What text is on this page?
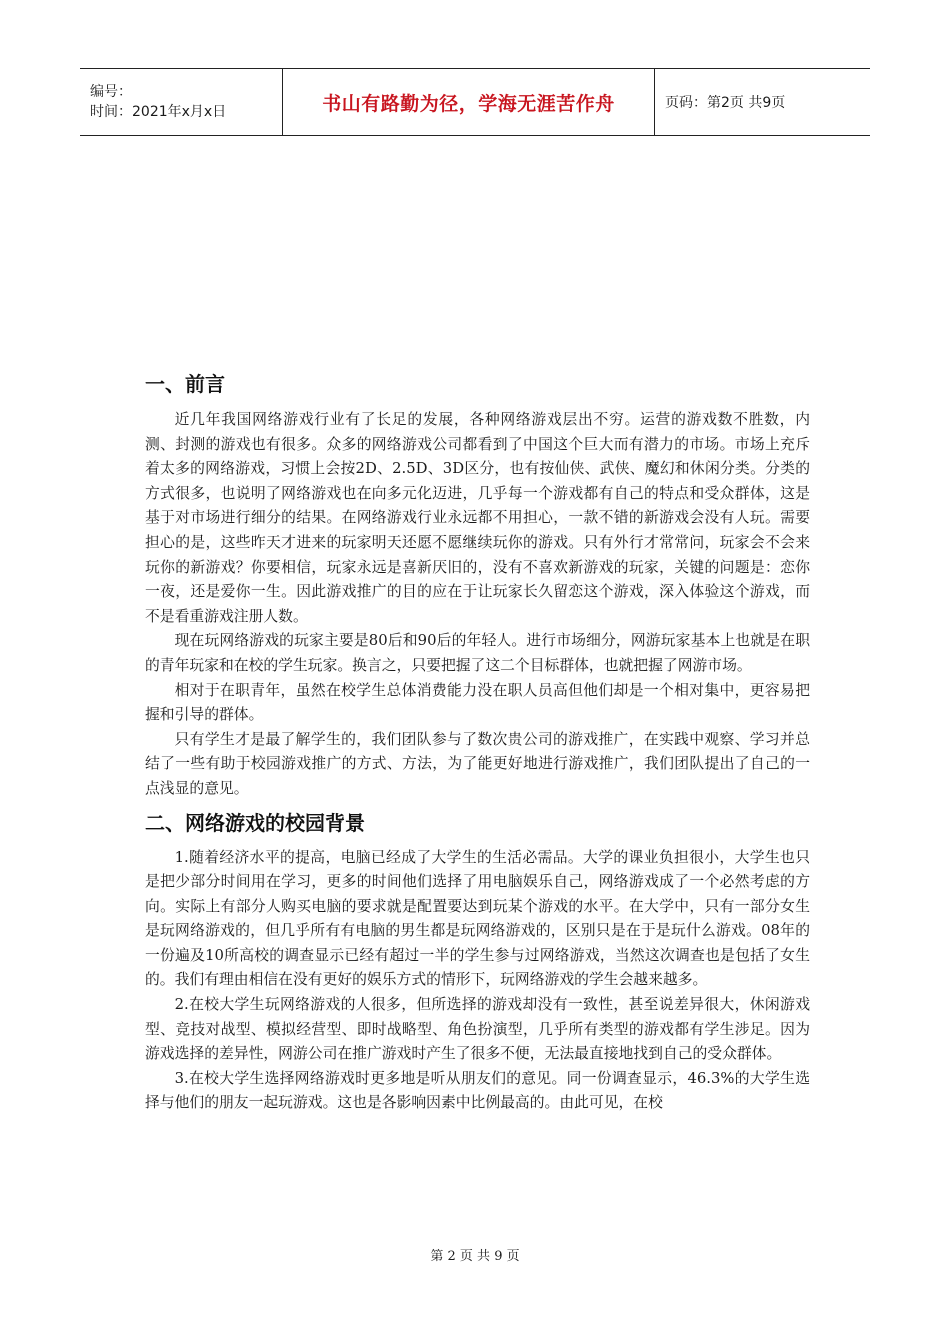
编号：
时间：2021年x月x日	书山有路勤为径，学海无涯苦作舟	页码：第2页 共9页
一、前言

近几年我国网络游戏行业有了长足的发展，各种网络游戏层出不穷。运营的游戏数不胜数，内测、封测的游戏也有很多。众多的网络游戏公司都看到了中国这个巨大而有潜力的市场。市场上充斥着太多的网络游戏，习惯上会按2D、2.5D、3D区分，也有按仙侠、武侠、魔幻和休闲分类。分类的方式很多，也说明了网络游戏也在向多元化迈进，几乎每一个游戏都有自己的特点和受众群体，这是基于对市场进行细分的结果。在网络游戏行业永远都不用担心，一款不错的新游戏会没有人玩。需要担心的是，这些昨天才进来的玩家明天还愿不愿继续玩你的游戏。只有外行才常常问，玩家会不会来玩你的新游戏？你要相信，玩家永远是喜新厌旧的，没有不喜欢新游戏的玩家，关键的问题是：恋你一夜，还是爱你一生。因此游戏推广的目的应在于让玩家长久留恋这个游戏，深入体验这个游戏，而不是看重游戏注册人数。

现在玩网络游戏的玩家主要是80后和90后的年轻人。进行市场细分，网游玩家基本上也就是在职的青年玩家和在校的学生玩家。换言之，只要把握了这二个目标群体，也就把握了网游市场。

相对于在职青年，虽然在校学生总体消费能力没在职人员高但他们却是一个相对集中，更容易把握和引导的群体。

只有学生才是最了解学生的，我们团队参与了数次贵公司的游戏推广，在实践中观察、学习并总结了一些有助于校园游戏推广的方式、方法，为了能更好地进行游戏推广，我们团队提出了自己的一点浅显的意见。

二、网络游戏的校园背景

1.随着经济水平的提高，电脑已经成了大学生的生活必需品。大学的课业负担很小，大学生也只是把少部分时间用在学习，更多的时间他们选择了用电脑娱乐自己，网络游戏成了一个必然考虑的方向。实际上有部分人购买电脑的要求就是配置要达到玩某个游戏的水平。在大学中，只有一部分女生是玩网络游戏的，但几乎所有有电脑的男生都是玩网络游戏的，区别只是在于是玩什么游戏。08年的一份遍及10所高校的调查显示已经有超过一半的学生参与过网络游戏，当然这次调查也是包括了女生的。我们有理由相信在没有更好的娱乐方式的情形下，玩网络游戏的学生会越来越多。

2.在校大学生玩网络游戏的人很多，但所选择的游戏却没有一致性，甚至说差异很大，休闲游戏型、竞技对战型、模拟经营型、即时战略型、角色扮演型，几乎所有类型的游戏都有学生涉足。因为游戏选择的差异性，网游公司在推广游戏时产生了很多不便，无法最直接地找到自己的受众群体。

3.在校大学生选择网络游戏时更多地是听从朋友们的意见。同一份调查显示，46.3%的大学生选择与他们的朋友一起玩游戏。这也是各影响因素中比例最高的。由此可见，在校

第 2 页 共 9 页
